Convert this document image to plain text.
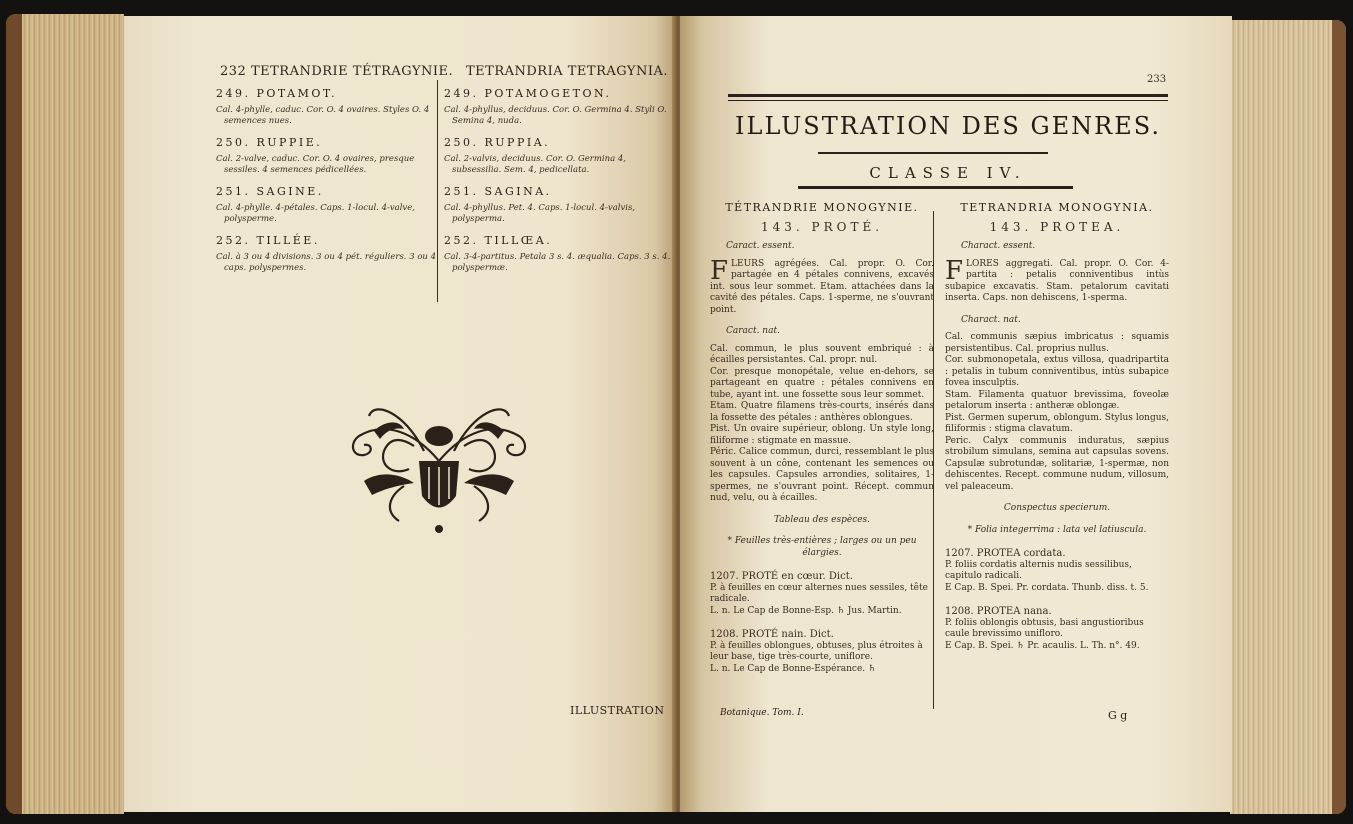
232 TETRANDRIE TÉTRAGYNIE. TETRANDRIA TETRAGYNIA.
249. POTAMOT.
Cal. 4-phylle, caduc. Cor. O. 4 ovaires. Styles O. 4 semences nues.
250. RUPPIE.
Cal. 2-valve, caduc. Cor. O. 4 ovaires, presque sessiles. 4 semences pédicellées.
251. SAGINE.
Cal. 4-phylle. 4-pétales. Caps. 1-locul. 4-valve, polysperme.
252. TILLÉE.
Cal. à 3 ou 4 divisions. 3 ou 4 pét. réguliers. 3 ou 4 caps. polyspermes.
249. POTAMOGETON.
Cal. 4-phyllus, deciduus. Cor. O. Germina 4. Styli O. Semina 4, nuda.
250. RUPPIA.
Cal. 2-valvis, deciduus. Cor. O. Germina 4, subsessilia. Sem. 4, pedicellata.
251. SAGINA.
Cal. 4-phyllus. Pet. 4. Caps. 1-locul. 4-valvis, polysperma.
252. TILLŒA.
Cal. 3-4-partitus. Petala 3 s. 4. æqualia. Caps. 3 s. 4. polyspermæ.
ILLUSTRATION
233
ILLUSTRATION DES GENRES.
CLASSE IV.
TÉTRANDRIE MONOGYNIE.
143. PROTÉ.
Caract. essent.
FLEURS agrégées. Cal. propr. O. Cor. partagée en 4 pétales connivens, excavés int. sous leur sommet. Etam. attachées dans la cavité des pétales. Caps. 1-sperme, ne s'ouvrant point.
Caract. nat.

Cal. commun, le plus souvent embriqué : à écailles persistantes. Cal. propr. nul.

Cor. presque monopétale, velue en-dehors, se partageant en quatre : pétales connivens en tube, ayant int. une fossette sous leur sommet.

Etam. Quatre filamens très-courts, insérés dans la fossette des pétales : anthères oblongues.

Pist. Un ovaire supérieur, oblong. Un style long, filiforme : stigmate en massue.

Péric. Calice commun, durci, ressemblant le plus souvent à un cône, contenant les semences ou les capsules. Capsules arrondies, solitaires, 1-spermes, ne s'ouvrant point. Récept. commun nud, velu, ou à écailles.

Tableau des espèces.
* Feuilles très-entières ; larges ou un peu élargies.
1207. PROTÉ en cœur. Dict.
P. à feuilles en cœur alternes nues sessiles, tête radicale.
L. n. Le Cap de Bonne-Esp. ♄ Jus. Martin.
1208. PROTÉ nain. Dict.
P. à feuilles oblongues, obtuses, plus étroites à leur base, tige très-courte, uniflore.
L. n. Le Cap de Bonne-Espérance. ♄
TETRANDRIA MONOGYNIA.
143. PROTEA.
Charact. essent.
FLORES aggregati. Cal. propr. O. Cor. 4-partita : petalis conniventibus intùs subapice excavatis. Stam. petalorum cavitati inserta. Caps. non dehiscens, 1-sperma.
Charact. nat.

Cal. communis sæpius imbricatus : squamis persistentibus. Cal. proprius nullus.

Cor. submonopetala, extus villosa, quadripartita : petalis in tubum conniventibus, intùs subapice fovea insculptis.

Stam. Filamenta quatuor brevissima, foveolæ petalorum inserta : antheræ oblongæ.

Pist. Germen superum, oblongum. Stylus longus, filiformis : stigma clavatum.

Peric. Calyx communis induratus, sæpius strobilum simulans, semina aut capsulas sovens. Capsulæ subrotundæ, solitariæ, 1-spermæ, non dehiscentes. Recept. commune nudum, villosum, vel paleaceum.

Conspectus specierum.
* Folia integerrima : lata vel latiuscula.
1207. PROTEA cordata.
P. foliis cordatis alternis nudis sessilibus, capitulo radicali.
E Cap. B. Spei. Pr. cordata. Thunb. diss. t. 5.
1208. PROTEA nana.
P. foliis oblongis obtusis, basi angustioribus caule brevissimo unifloro.
E Cap. B. Spei. ♄ Pr. acaulis. L. Th. n°. 49.
Botanique. Tom. I.	G g
